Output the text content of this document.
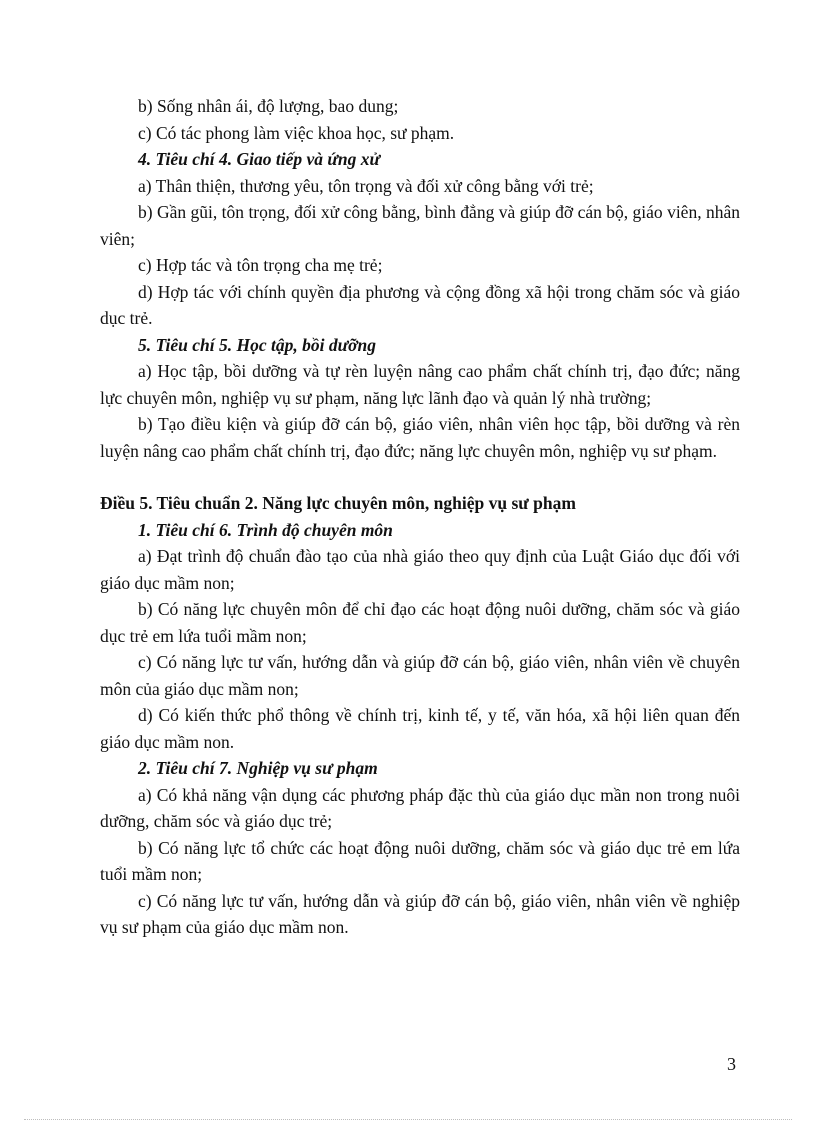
b) Sống nhân ái, độ lượng, bao dung;

c) Có tác phong làm việc khoa học, sư phạm.

4. Tiêu chí 4. Giao tiếp và ứng xử

a) Thân thiện, thương yêu, tôn trọng và đối xử công bằng với trẻ;

b) Gần gũi, tôn trọng, đối xử công bằng, bình đẳng và giúp đỡ cán bộ, giáo viên, nhân viên;

c) Hợp tác và tôn trọng cha mẹ trẻ;

d) Hợp tác với chính quyền địa phương và cộng đồng xã hội trong chăm sóc và giáo dục trẻ.

5. Tiêu chí 5. Học tập, bồi dưỡng

a) Học tập, bồi dưỡng và tự rèn luyện nâng cao phẩm chất chính trị, đạo đức; năng lực chuyên môn, nghiệp vụ sư phạm, năng lực lãnh đạo và quản lý nhà trường;

b) Tạo điều kiện và giúp đỡ cán bộ, giáo viên, nhân viên học tập, bồi dưỡng và rèn luyện nâng cao phẩm chất chính trị, đạo đức; năng lực chuyên môn, nghiệp vụ sư phạm.

Điều 5. Tiêu chuẩn 2. Năng lực chuyên môn, nghiệp vụ sư phạm

1. Tiêu chí 6. Trình độ chuyên môn

a) Đạt trình độ chuẩn đào tạo của nhà giáo theo quy định của Luật Giáo dục đối với giáo dục mầm non;

b) Có năng lực chuyên môn để chỉ đạo các hoạt động nuôi dưỡng, chăm sóc và giáo dục trẻ em lứa tuổi mầm non;

c) Có năng lực tư vấn, hướng dẫn và giúp đỡ cán bộ, giáo viên, nhân viên về chuyên môn của giáo dục mầm non;

d) Có kiến thức phổ thông về chính trị, kinh tế, y tế, văn hóa, xã hội liên quan đến giáo dục mầm non.

2. Tiêu chí 7. Nghiệp vụ sư phạm

a) Có khả năng vận dụng các phương pháp đặc thù của giáo dục mần non trong nuôi dưỡng, chăm sóc và giáo dục trẻ;

b) Có năng lực tổ chức các hoạt động nuôi dưỡng, chăm sóc và giáo dục trẻ em lứa tuổi mầm non;

c) Có năng lực tư vấn, hướng dẫn và giúp đỡ cán bộ, giáo viên, nhân viên về nghiệp vụ sư phạm của giáo dục mầm non.

3
